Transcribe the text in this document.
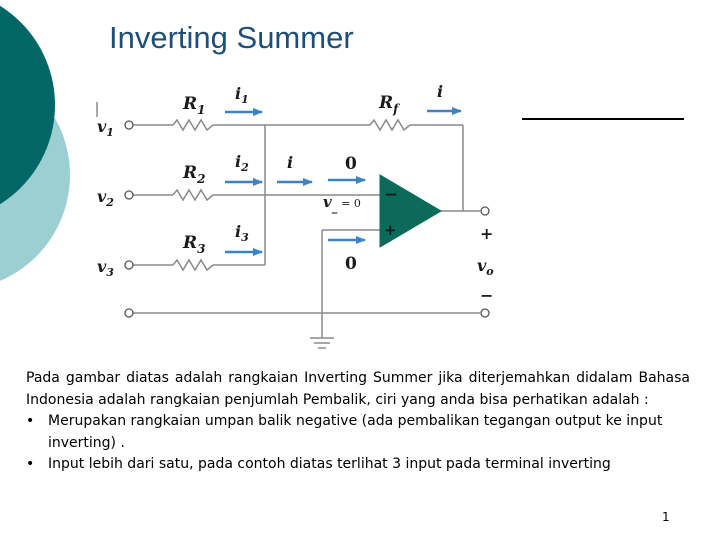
Inverting Summer
$v_1$
$v_2$
$v_3$
$R_1$
$R_2$
$R_3$
$R_f$
$i_1$
$i_2$
$i_3$
i
i	0
0
$v_{\_}$ $^{= 0}$ −
+	+
−
$v_o$

Pada gambar diatas adalah rangkaian Inverting Summer jika diterjemahkan didalam Bahasa Indonesia adalah rangkaian penjumlah Pembalik, ciri yang anda bisa perhatikan adalah :

• Merupakan rangkaian umpan balik negative (ada pembalikan tegangan output ke input inverting) .
• Input lebih dari satu, pada contoh diatas terlihat 3 input pada terminal inverting
1
